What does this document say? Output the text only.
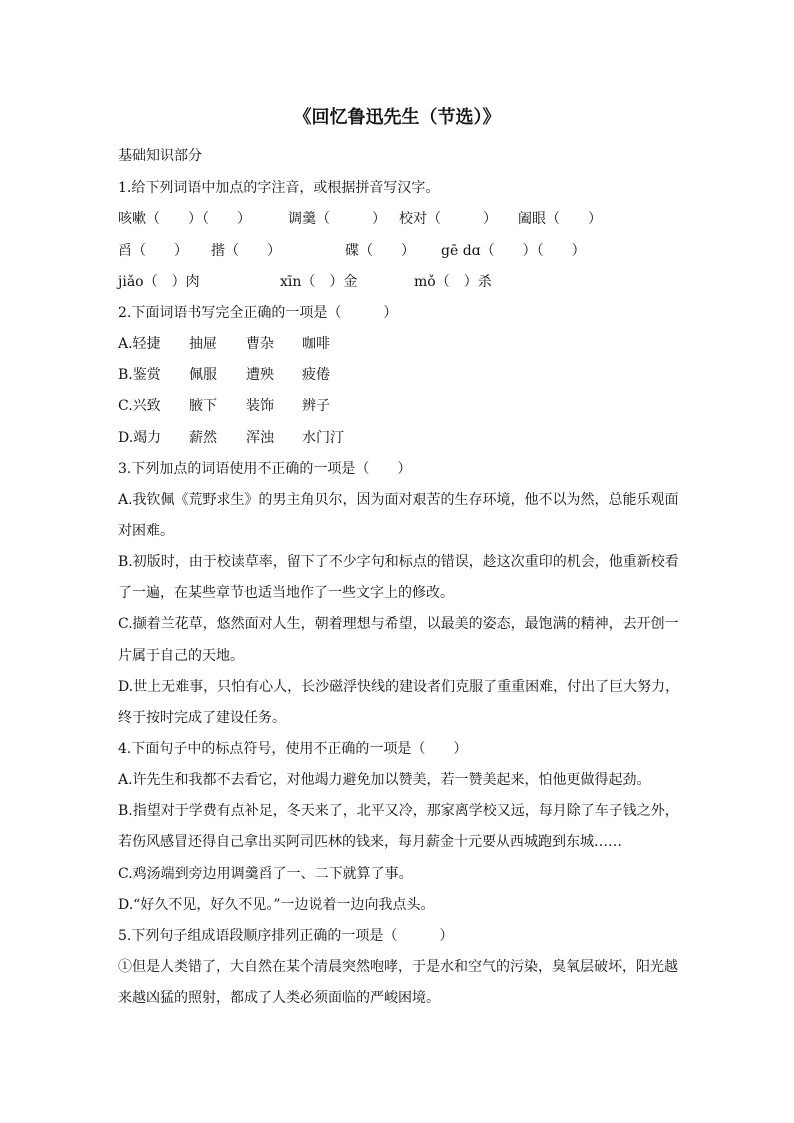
《回忆鲁迅先生（节选）》
基础知识部分
1.给下列词语中加点的字注音，或根据拼音写汉字。
咳嗽（　　）（　　）	调羹（　　　） 校对（　　　） 阖眼（　　）
舀（　　） 揩（　　）	碟（　　） gē dɑ（　　）（　　）
jiǎo（　）肉	xīn（　）金	mǒ（　）杀
2.下面词语书写完全正确的一项是（　　　）
A.轻捷 抽屉 曹杂 咖啡
B.鉴赏 佩服 遭殃 疲倦
C.兴致 腋下 装饰 辨子
D.竭力 薪然 浑浊 水门汀
3.下列加点的词语使用不正确的一项是（　　）
A.我钦佩《荒野求生》的男主角贝尔，因为面对艰苦的生存环境，他不以为然，总能乐观面
对困难。
B.初版时，由于校读草率，留下了不少字句和标点的错误，趁这次重印的机会，他重新校看
了一遍，在某些章节也适当地作了一些文字上的修改。
C.撷着兰花草，悠然面对人生，朝着理想与希望，以最美的姿态，最饱满的精神，去开创一
片属于自己的天地。
D.世上无难事，只怕有心人，长沙磁浮快线的建设者们克服了重重困难，付出了巨大努力，
终于按时完成了建设任务。
4.下面句子中的标点符号，使用不正确的一项是（　　）
A.许先生和我都不去看它，对他竭力避免加以赞美，若一赞美起来，怕他更做得起劲。
B.指望对于学费有点补足，冬天来了，北平又冷，那家离学校又远，每月除了车子钱之外，
若伤风感冒还得自己拿出买阿司匹林的钱来，每月薪金十元要从西城跑到东城……
C.鸡汤端到旁边用调羹舀了一、二下就算了事。
D.“好久不见，好久不见。”一边说着一边向我点头。
5.下列句子组成语段顺序排列正确的一项是（　　　）
①但是人类错了，大自然在某个清晨突然咆哮，于是水和空气的污染，臭氧层破坏，阳光越
来越凶猛的照射，都成了人类必须面临的严峻困境。
